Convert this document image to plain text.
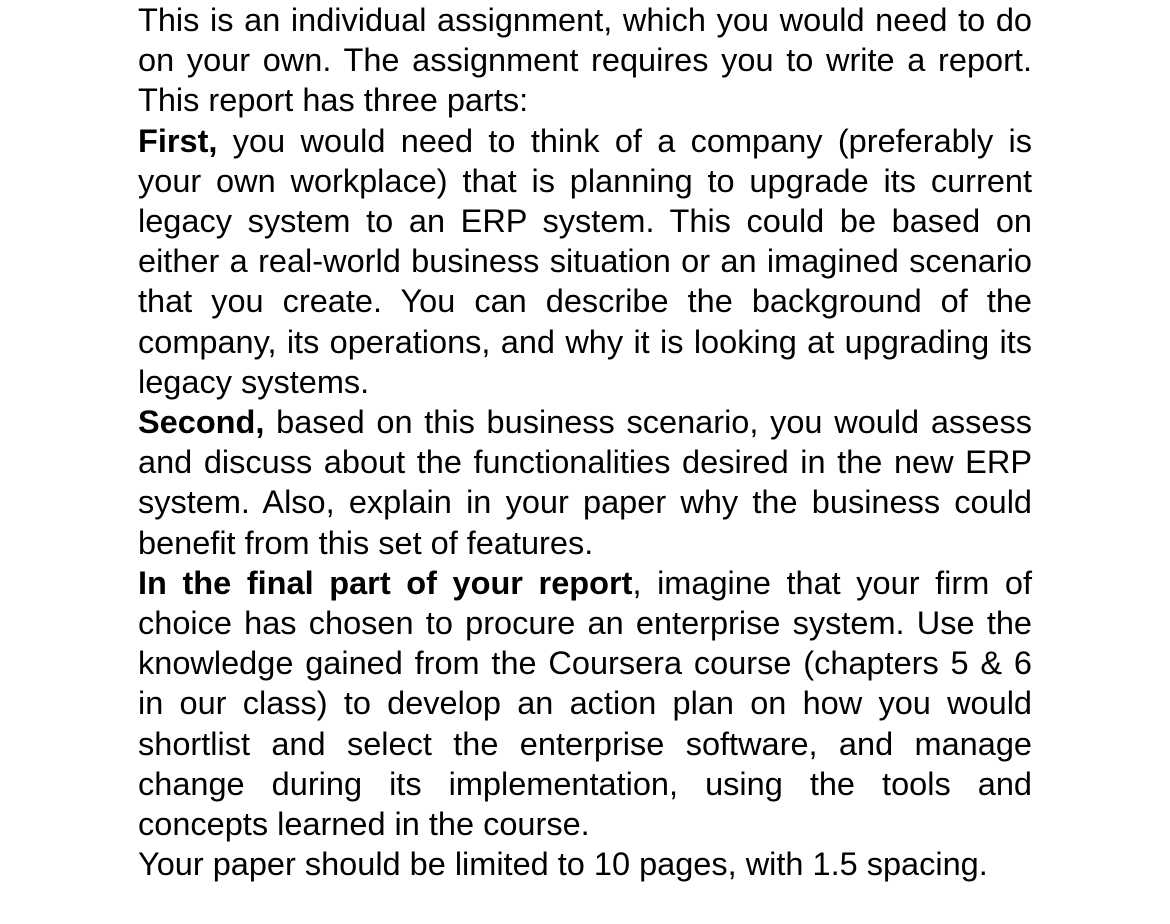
This is an individual assignment, which you would need to do on your own. The assignment requires you to write a report. This report has three parts:

First, you would need to think of a company (preferably is your own workplace) that is planning to upgrade its current legacy system to an ERP system. This could be based on either a real-world business situation or an imagined scenario that you create. You can describe the background of the company, its operations, and why it is looking at upgrading its legacy systems.

Second, based on this business scenario, you would assess and discuss about the functionalities desired in the new ERP system. Also, explain in your paper why the business could benefit from this set of features.

In the final part of your report, imagine that your firm of choice has chosen to procure an enterprise system. Use the knowledge gained from the Coursera course (chapters 5 & 6 in our class) to develop an action plan on how you would shortlist and select the enterprise software, and manage change during its implementation, using the tools and concepts learned in the course.

Your paper should be limited to 10 pages, with 1.5 spacing.
